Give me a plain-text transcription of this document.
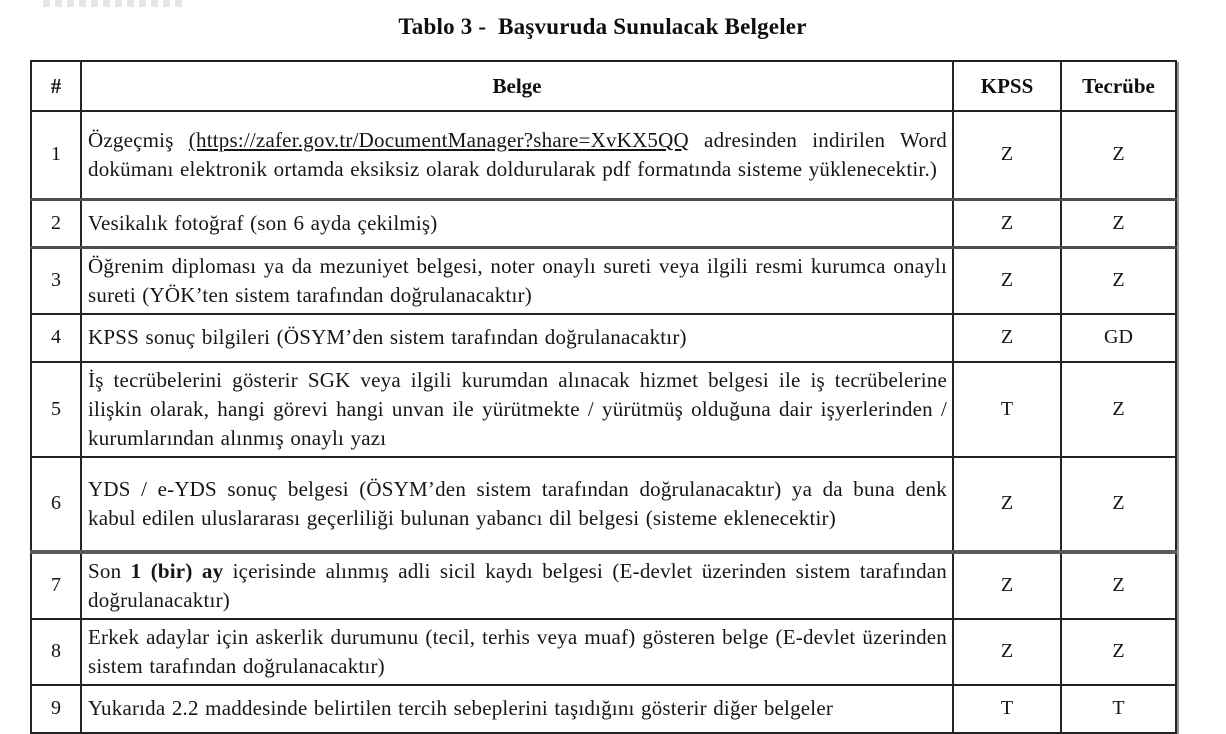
Tablo 3 -  Başvuruda Sunulacak Belgeler
#	Belge	KPSS	Tecrübe
1	Özgeçmiş (https://zafer.gov.tr/DocumentManager?share=XvKX5QQ adresinden indirilen Word dokümanı elektronik ortamda eksiksiz olarak doldurularak pdf formatında sisteme yüklenecektir.)	Z	Z
2	Vesikalık fotoğraf (son 6 ayda çekilmiş)	Z	Z
3	Öğrenim diploması ya da mezuniyet belgesi, noter onaylı sureti veya ilgili resmi kurumca onaylı sureti (YÖK’ten sistem tarafından doğrulanacaktır)	Z	Z
4	KPSS sonuç bilgileri (ÖSYM’den sistem tarafından doğrulanacaktır)	Z	GD
5	İş tecrübelerini gösterir SGK veya ilgili kurumdan alınacak hizmet belgesi ile iş tecrübelerine ilişkin olarak, hangi görevi hangi unvan ile yürütmekte / yürütmüş olduğuna dair işyerlerinden / kurumlarından alınmış onaylı yazı	T	Z
6	YDS / e-YDS sonuç belgesi (ÖSYM’den sistem tarafından doğrulanacaktır) ya da buna denk kabul edilen uluslararası geçerliliği bulunan yabancı dil belgesi (sisteme eklenecektir)	Z	Z
7	Son 1 (bir) ay içerisinde alınmış adli sicil kaydı belgesi (E-devlet üzerinden sistem tarafından doğrulanacaktır)	Z	Z
8	Erkek adaylar için askerlik durumunu (tecil, terhis veya muaf) gösteren belge (E-devlet üzerinden sistem tarafından doğrulanacaktır)	Z	Z
9	Yukarıda 2.2 maddesinde belirtilen tercih sebeplerini taşıdığını gösterir diğer belgeler	T	T
